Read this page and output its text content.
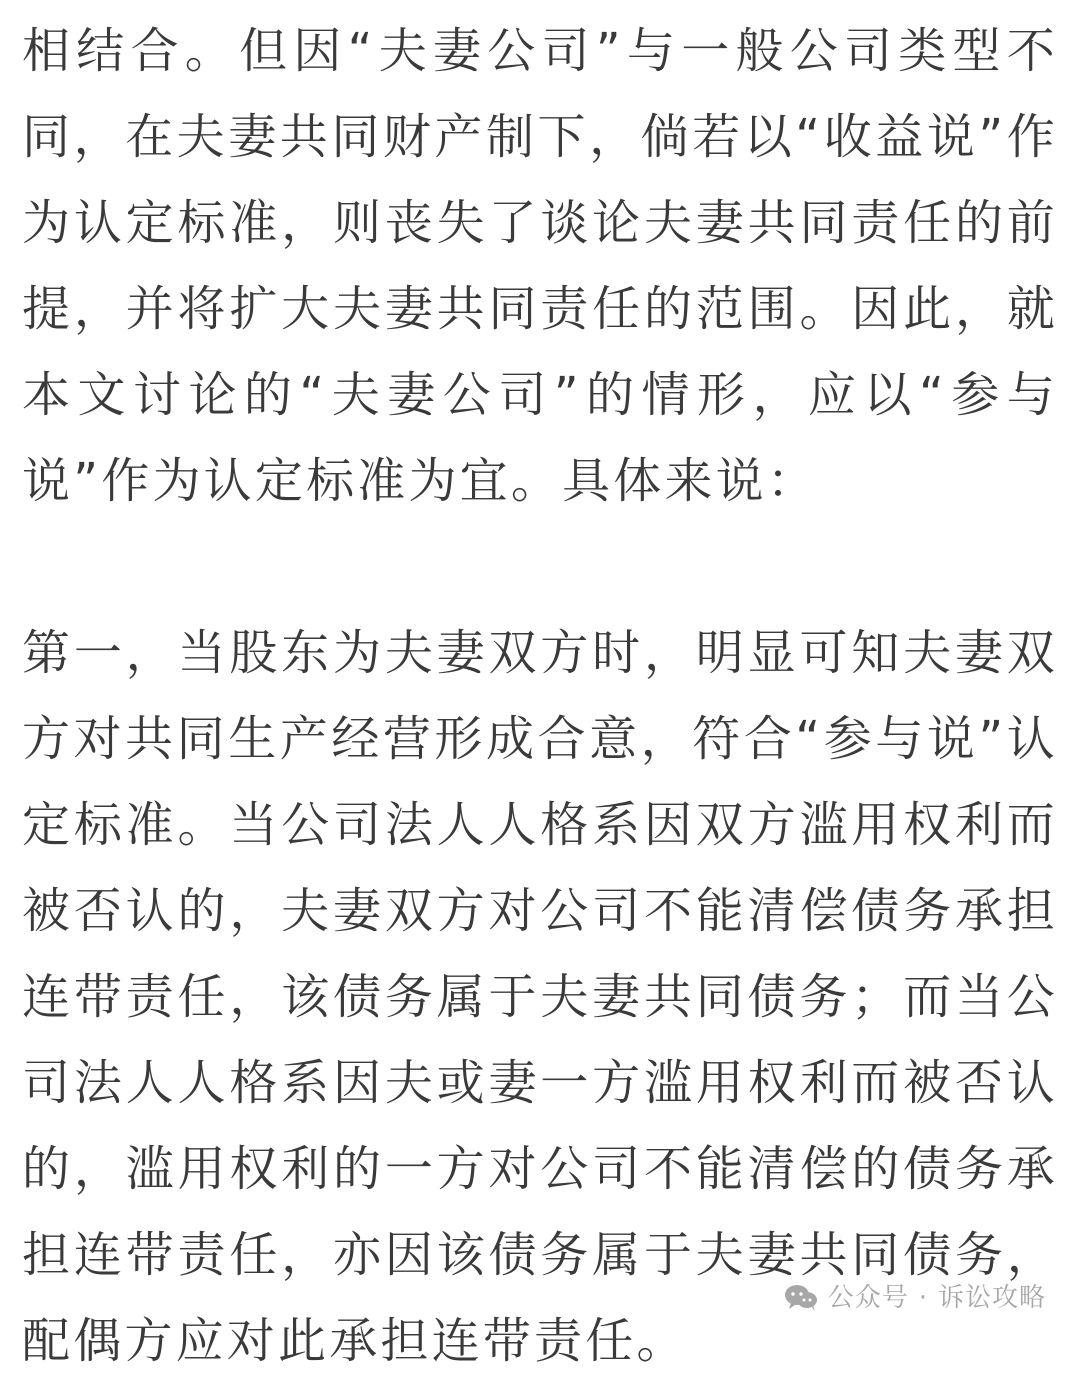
相结合。但因“夫妻公司”与一般公司类型不同，在夫妻共同财产制下，倘若以“收益说”作为认定标准，则丧失了谈论夫妻共同责任的前提，并将扩大夫妻共同责任的范围。因此，就本文讨论的“夫妻公司”的情形，应以“参与说”作为认定标准为宜。具体来说：

第一，当股东为夫妻双方时，明显可知夫妻双方对共同生产经营形成合意，符合“参与说”认定标准。当公司法人人格系因双方滥用权利而被否认的，夫妻双方对公司不能清偿债务承担连带责任，该债务属于夫妻共同债务；而当公司法人人格系因夫或妻一方滥用权利而被否认的，滥用权利的一方对公司不能清偿的债务承担连带责任，亦因该债务属于夫妻共同债务，配偶方应对此承担连带责任。

公众号 · 诉讼攻略
